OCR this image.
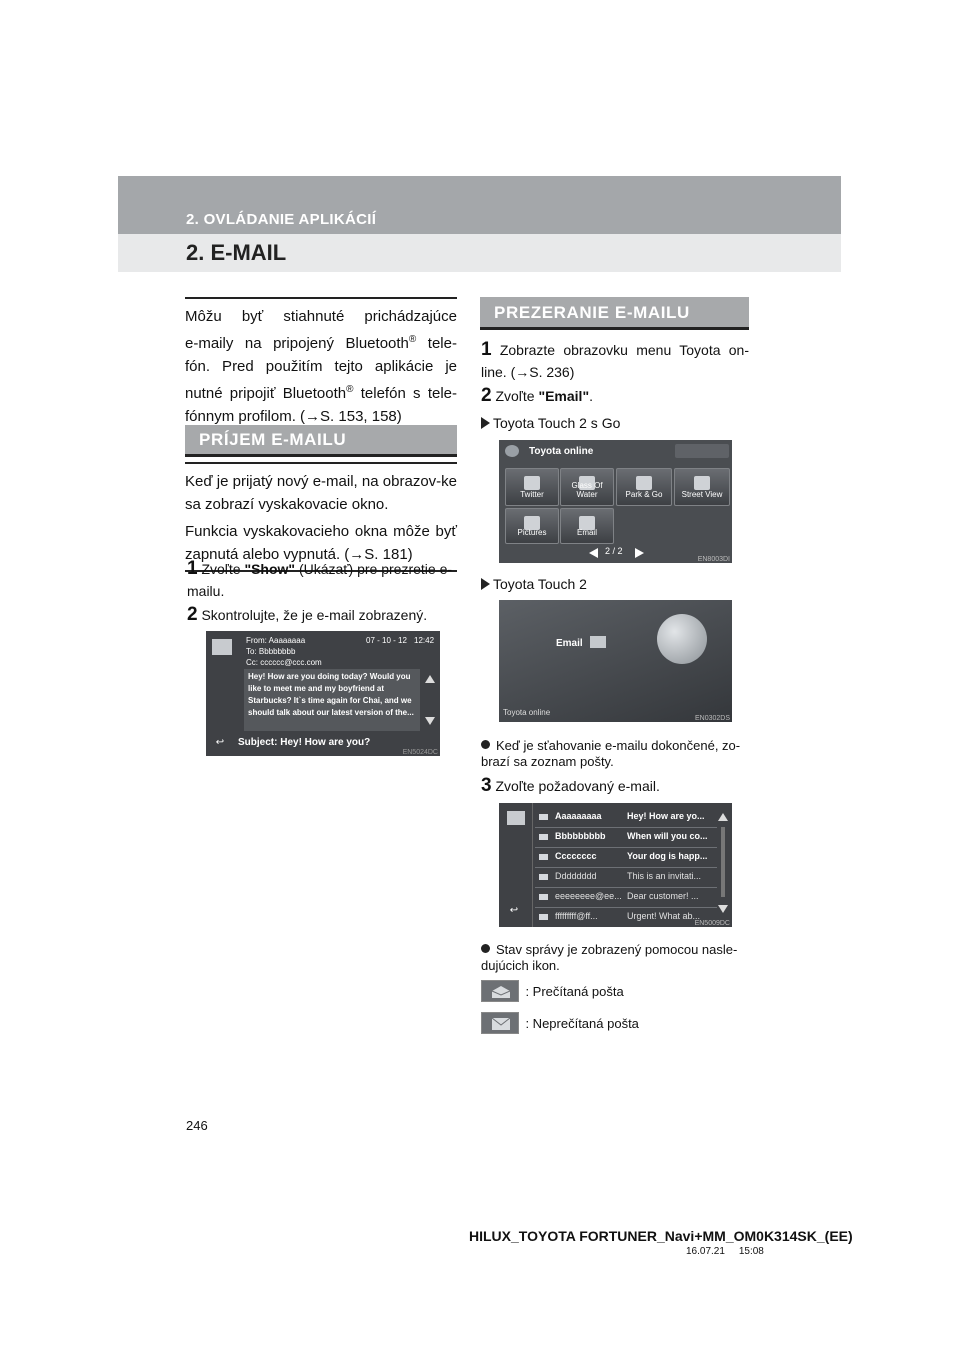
2. OVLÁDANIE APLIKÁCIÍ
2. E-MAIL
Môžu byť stiahnuté prichádzajúce
e-maily na pripojený Bluetooth® tele-
fón. Pred použitím tejto aplikácie je
nutné pripojiť Bluetooth® telefón s tele-
fónnym profilom. (→S. 153, 158)
PRÍJEM E-MAILU
Keď je prijatý nový e-mail, na obrazov-ke sa zobrazí vyskakovacie okno.
Funkcia vyskakovacieho okna môže byť zapnutá alebo vypnutá. (→S. 181)
1 Zvoľte "Show" (Ukázať) pre prezretie e-mailu.
2 Skontrolujte, že je e-mail zobrazený.
From: Aaaaaaaa	07 - 10 - 12 12:42
To: Bbbbbbbb
Cc: cccccc@ccc.com
Hey! How are you doing today? Would you like to meet me and my boyfriend at Starbucks? It`s time again for Chai, and we should talk about our latest version of the...
↩	Subject: Hey! How are you?
EN5024DC
PREZERANIE E-MAILU
1 Zobrazte obrazovku menu Toyota on-line. (→S. 236)
2 Zvoľte "Email".
Toyota Touch 2 s Go
Toyota online
Twitter
Glass Of Water	Park & Go	Street View
Pictures	Email
2 / 2
EN8003DI
Toyota Touch 2
Email
Toyota online
EN0302DS
Keď je sťahovanie e-mailu dokončené, zo-brazí sa zoznam pošty.
3 Zvoľte požadovaný e-mail.
Aaaaaaaaa	Hey! How are yo...
Bbbbbbbbb When will you co...
Cccccccc	Your dog is happ...
Dddddddd	This is an invitati...
eeeeeeee@ee... Dear customer! ...
fffffffff@ff...	Urgent! What ab...
↩
EN5009DC
Stav správy je zobrazený pomocou nasle-dujúcich ikon.
: Prečítaná pošta
: Neprečítaná pošta
246
HILUX_TOYOTA FORTUNER_Navi+MM_OM0K314SK_(EE)
16.07.21     15:08
